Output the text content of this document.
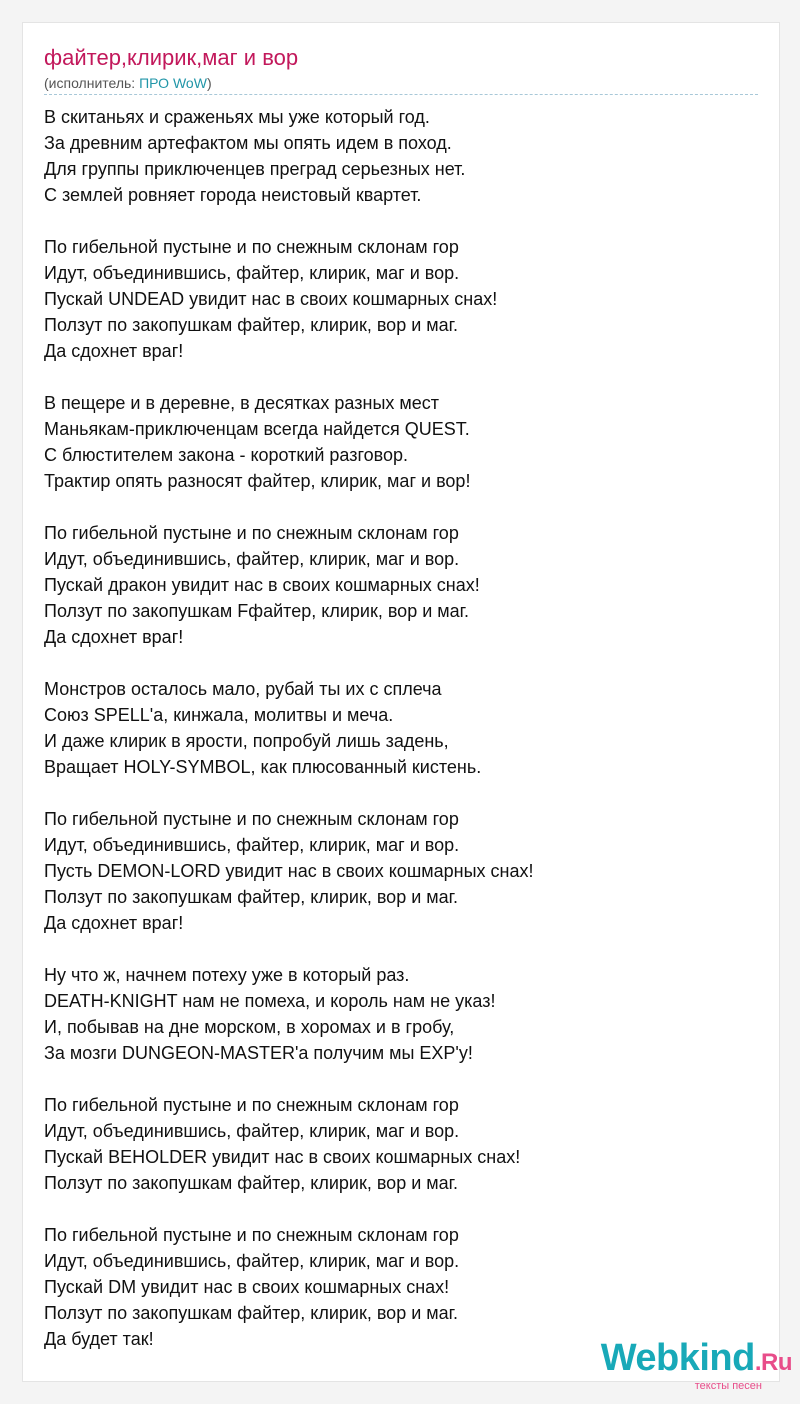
файтер,клирик,маг и вор
(исполнитель: ПРО WoW)
В скитаньях и сраженьях мы уже который год.
За древним артефактом мы опять идем в поход.
Для группы приключенцев преград серьезных нет.
С землей ровняет города неистовый квартет.
По гибельной пустыне и по снежным склонам гор
Идут, объединившись, файтер, клирик, маг и вор.
Пускай UNDEAD увидит нас в своих кошмарных снах!
Ползут по закопушкам файтер, клирик, вор и маг.
Да сдохнет враг!
В пещере и в деревне, в десятках разных мест
Маньякам-приключенцам всегда найдется QUEST.
С блюстителем закона - короткий разговор.
Трактир опять разносят файтер, клирик, маг и вор!
По гибельной пустыне и по снежным склонам гор
Идут, объединившись, файтер, клирик, маг и вор.
Пускай дракон увидит нас в своих кошмарных снах!
Ползут по закопушкам Fфайтер, клирик, вор и маг.
Да сдохнет враг!
Монстров осталось мало, рубай ты их с сплеча
Союз SPELL'а, кинжала, молитвы и меча.
И даже клирик в ярости, попробуй лишь задень,
Вращает HOLY-SYMBOL, как плюсованный кистень.
По гибельной пустыне и по снежным склонам гор
Идут, объединившись, файтер, клирик, маг и вор.
Пусть DEMON-LORD увидит нас в своих кошмарных снах!
Ползут по закопушкам файтер, клирик, вор и маг.
Да сдохнет враг!
Ну что ж, начнем потеху уже в который раз.
DEATH-KNIGHT нам не помеха, и король нам не указ!
И, побывав на дне морском, в хоромах и в гробу,
За мозги DUNGEON-MASTER'а получим мы EXP'у!
По гибельной пустыне и по снежным склонам гор
Идут, объединившись, файтер, клирик, маг и вор.
Пускай BEHOLDER увидит нас в своих кошмарных снах!
Ползут по закопушкам файтер, клирик, вор и маг.
По гибельной пустыне и по снежным склонам гор
Идут, объединившись, файтер, клирик, маг и вор.
Пускай DM увидит нас в своих кошмарных снах!
Ползут по закопушкам файтер, клирик, вор и маг.
Да будет так!	Webkind.Ru
тексты песен
